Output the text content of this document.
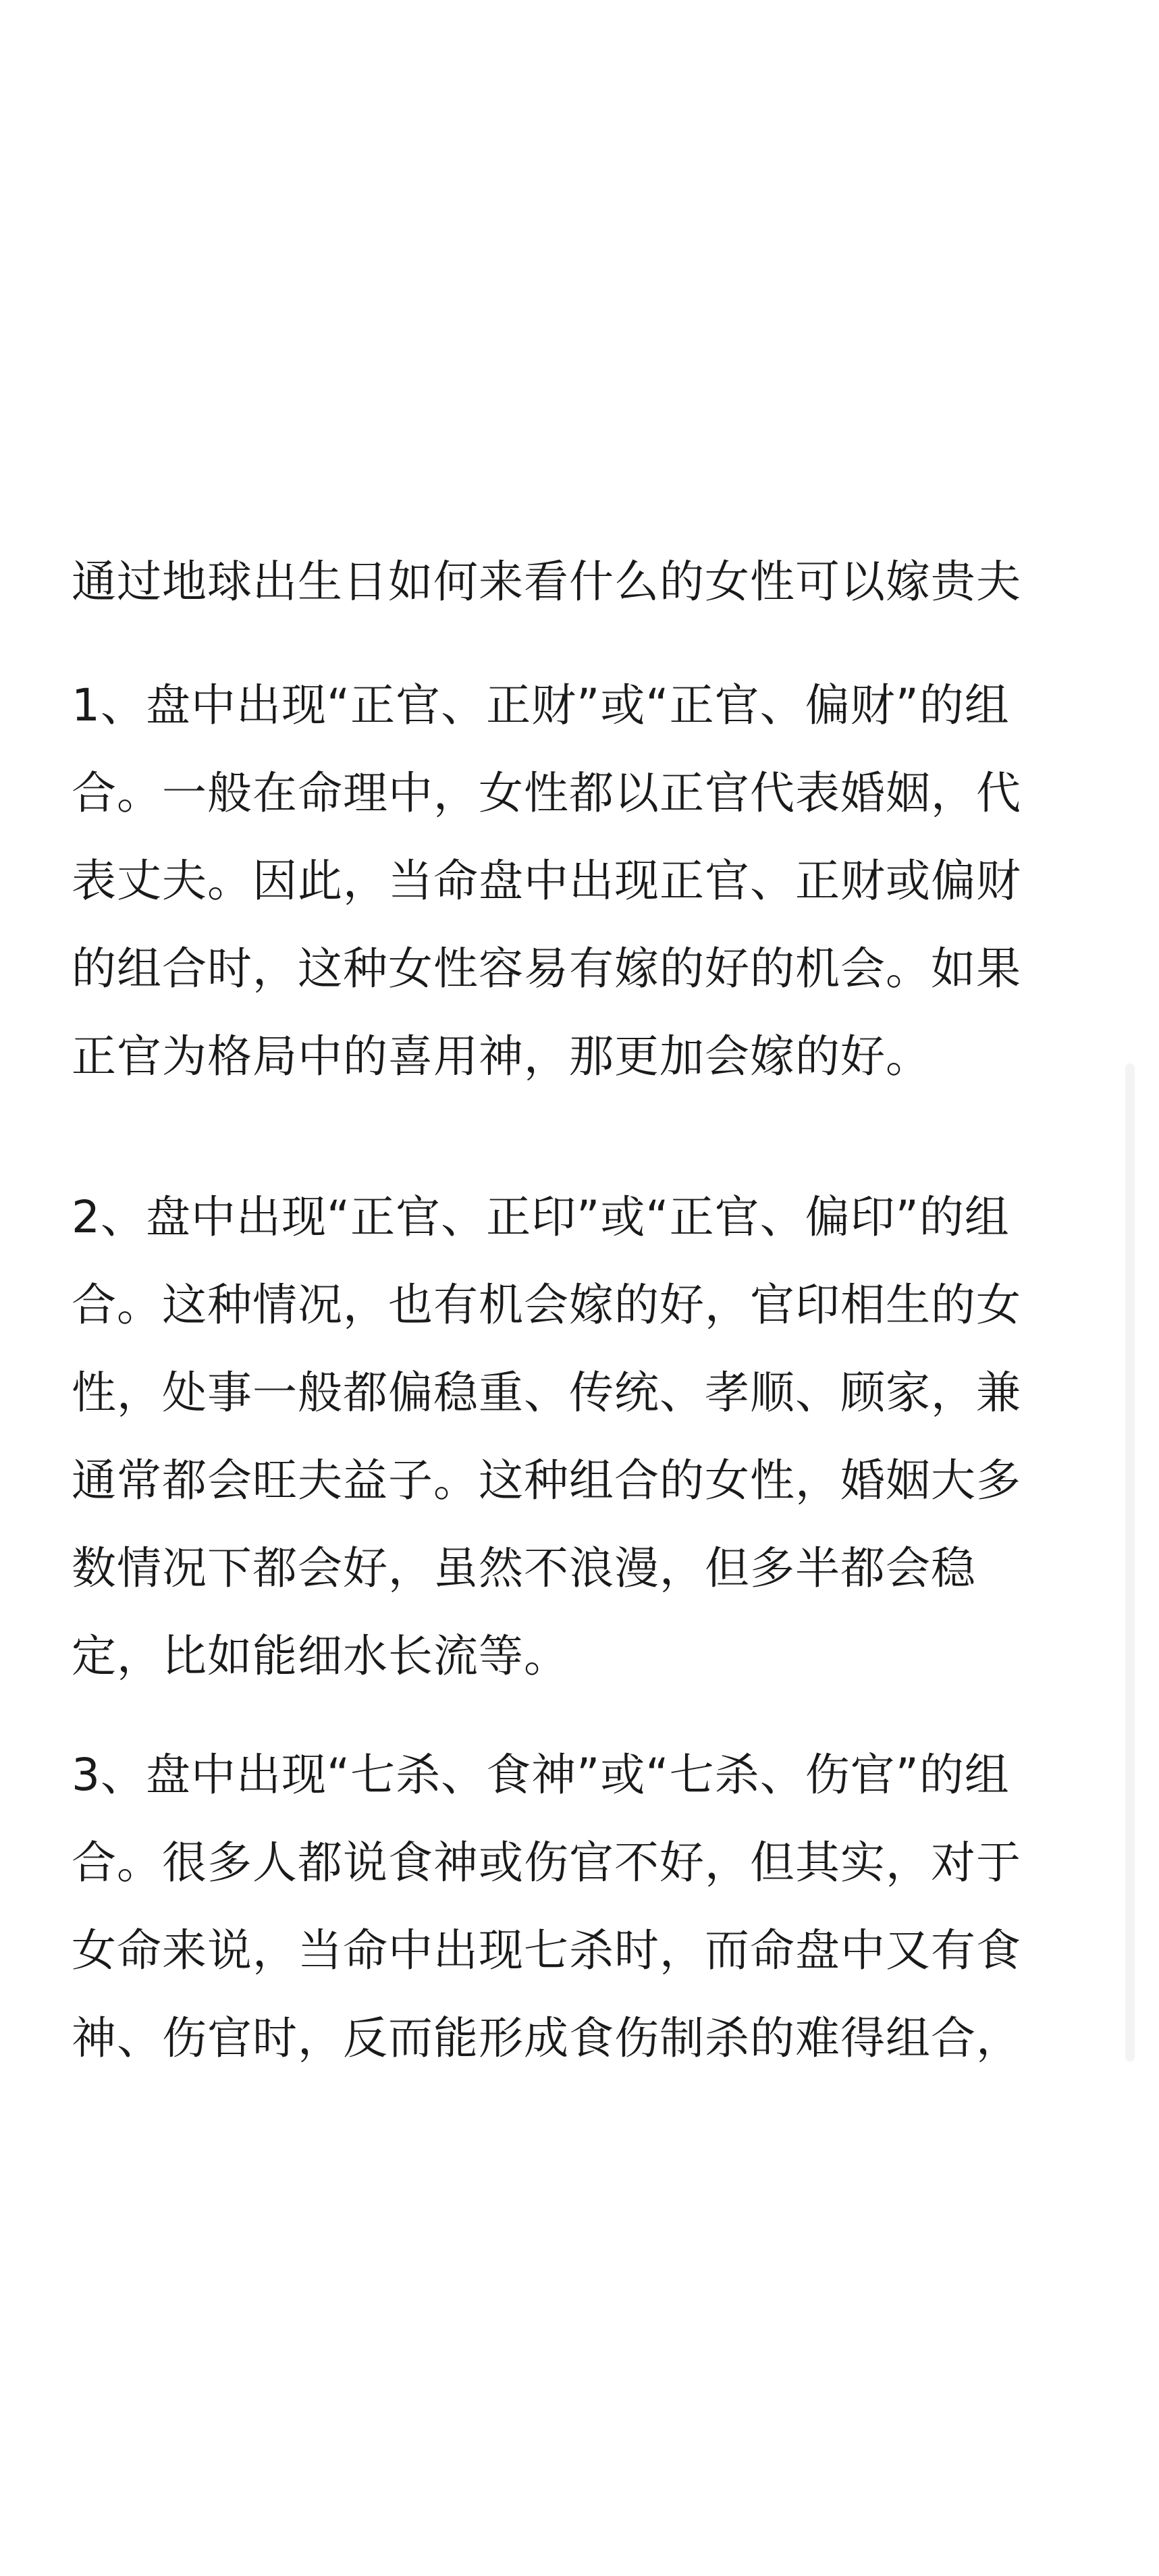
通过地球出生日如何来看什么的女性可以嫁贵夫

1、盘中出现“正官、正财”或“正官、偏财”的组
合。一般在命理中，女性都以正官代表婚姻，代
表丈夫。因此，当命盘中出现正官、正财或偏财
的组合时，这种女性容易有嫁的好的机会。如果
正官为格局中的喜用神，那更加会嫁的好。

2、盘中出现“正官、正印”或“正官、偏印”的组
合。这种情况，也有机会嫁的好，官印相生的女
性，处事一般都偏稳重、传统、孝顺、顾家，兼
通常都会旺夫益子。这种组合的女性，婚姻大多
数情况下都会好，虽然不浪漫，但多半都会稳
定，比如能细水长流等。

3、盘中出现“七杀、食神”或“七杀、伤官”的组
合。很多人都说食神或伤官不好，但其实，对于
女命来说，当命中出现七杀时，而命盘中又有食
神、伤官时，反而能形成食伤制杀的难得组合，
